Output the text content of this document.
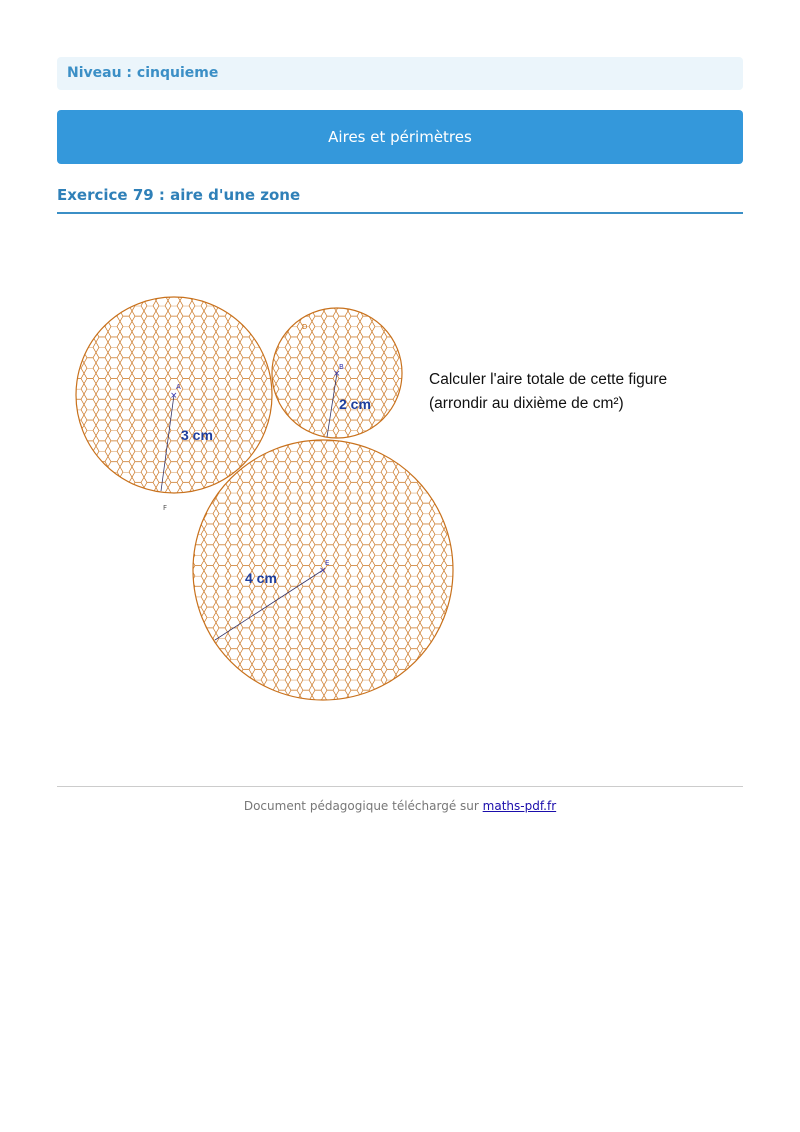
Niveau : cinquieme
Aires et périmètres
Exercice 79 : aire d'une zone
×
A
F
3 cm
×
B
D
2 cm
×
E
4 cm
Calculer l'aire totale de cette figure
(arrondir au dixième de cm²)
Document pédagogique téléchargé sur maths-pdf.fr
